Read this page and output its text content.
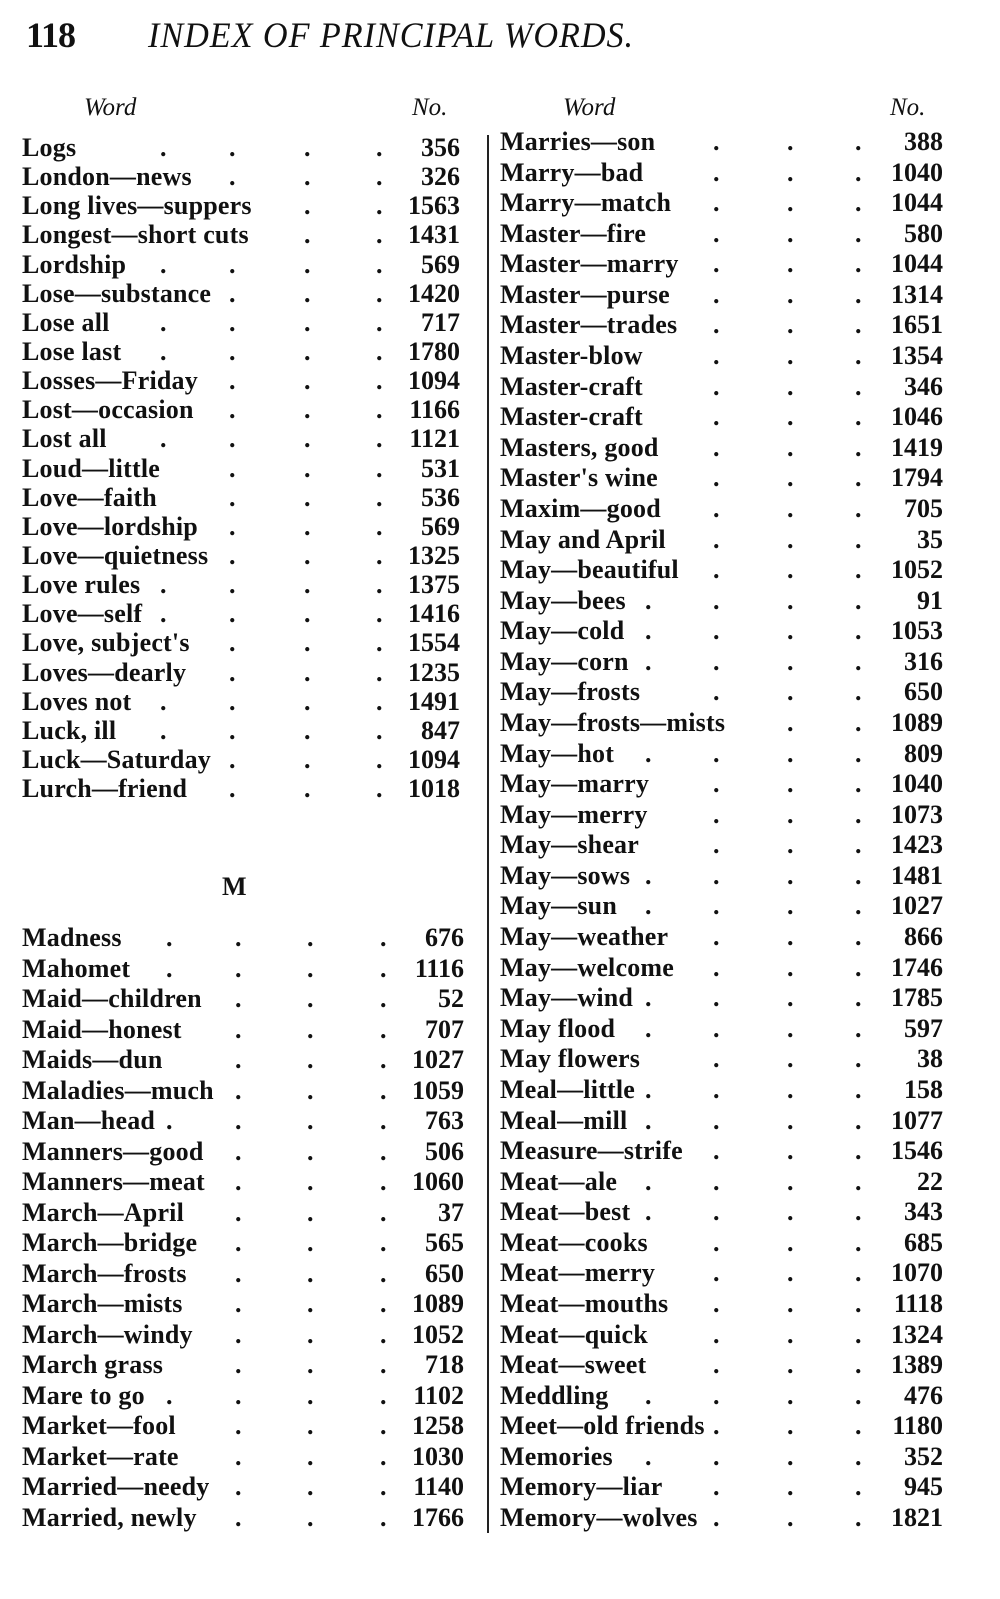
118 INDEX OF PRINCIPAL WORDS.
Word	No.	Word	No.
Logs	356
. .	.	.
London—news	326
.	.	.
Long lives—suppers	1563
.	.
Longest—short cuts	1431
.	.
Lordship	569
. .	.	.
Lose—substance	1420
.	.	.
Lose all	717
. .	.	.
Lose last	1780
. .	.	.
Losses—Friday	1094
.	.	.
Lost—occasion	1166
.	.	.
Lost all	1121
. .	.	.
Loud—little	531
.	.	.
Love—faith	536
.	.	.
Love—lordship	569
.	.	.
Love—quietness	1325
.	.	.
Love rules	1375
. .	.	.
Love—self	1416
. .	.	.
Love, subject's	1554
.	.	.
Loves—dearly	1235
.	.	.
Loves not	1491
. .	.	.
Luck, ill	847
. .	.	.
Luck—Saturday	1094
.	.	.
Lurch—friend	1018
.	.	.
M
Madness	676
. .	.	.
Mahomet	1116
. .	.	.
Maid—children	52
.	.	.
Maid—honest	707
.	.	.
Maids—dun	1027
.	.	.
Maladies—much	1059
.	.	.
Man—head	763
. .	.	.
Manners—good	506
.	.	.
Manners—meat	1060
.	.	.
March—April	37
.	.	.
March—bridge	565
.	.	.
March—frosts	650
.	.	.
March—mists	1089
.	.	.
March—windy	1052
.	.	.
March grass	718
.	.	.
Mare to go	1102
. .	.	.
Market—fool	1258
.	.	.
Market—rate	1030
.	.	.
Married—needy	1140
.	.	.
Married, newly	1766
.	.	.
Marries—son	388
.	. .
Marry—bad	1040
.	. .
Marry—match	1044
.	. .
Master—fire	580
.	. .
Master—marry	1044
.	. .
Master—purse	1314
.	. .
Master—trades	1651
.	. .
Master-blow	1354
.	. .
Master-craft	346
.	. .
Master-craft	1046
.	. .
Masters, good	1419
.	. .
Master's wine	1794
.	. .
Maxim—good	705
.	. .
May and April	35
.	. .
May—beautiful	1052
.	. .
May—bees	91
. .	. .
May—cold	1053
. .	. .
May—corn	316
. .	. .
May—frosts	650
.	. .
May—frosts—mists	1089
. .
May—hot	809
. .	. .
May—marry	1040
.	. .
May—merry	1073
.	. .
May—shear	1423
.	. .
May—sows	1481
. .	. .
May—sun	1027
. .	. .
May—weather	866
.	. .
May—welcome	1746
.	. .
May—wind	1785
. .	. .
May flood	597
. .	. .
May flowers	38
.	. .
Meal—little	158
. .	. .
Meal—mill	1077
. .	. .
Measure—strife	1546
.	. .
Meat—ale	22
. .	. .
Meat—best	343
. .	. .
Meat—cooks	685
.	. .
Meat—merry	1070
.	. .
Meat—mouths	1118
.	. .
Meat—quick	1324
.	. .
Meat—sweet	1389
.	. .
Meddling	476
. .	. .
Meet—old friends	1180
.	. .
Memories	352
. .	. .
Memory—liar	945
.	. .
Memory—wolves	1821
.	. .
